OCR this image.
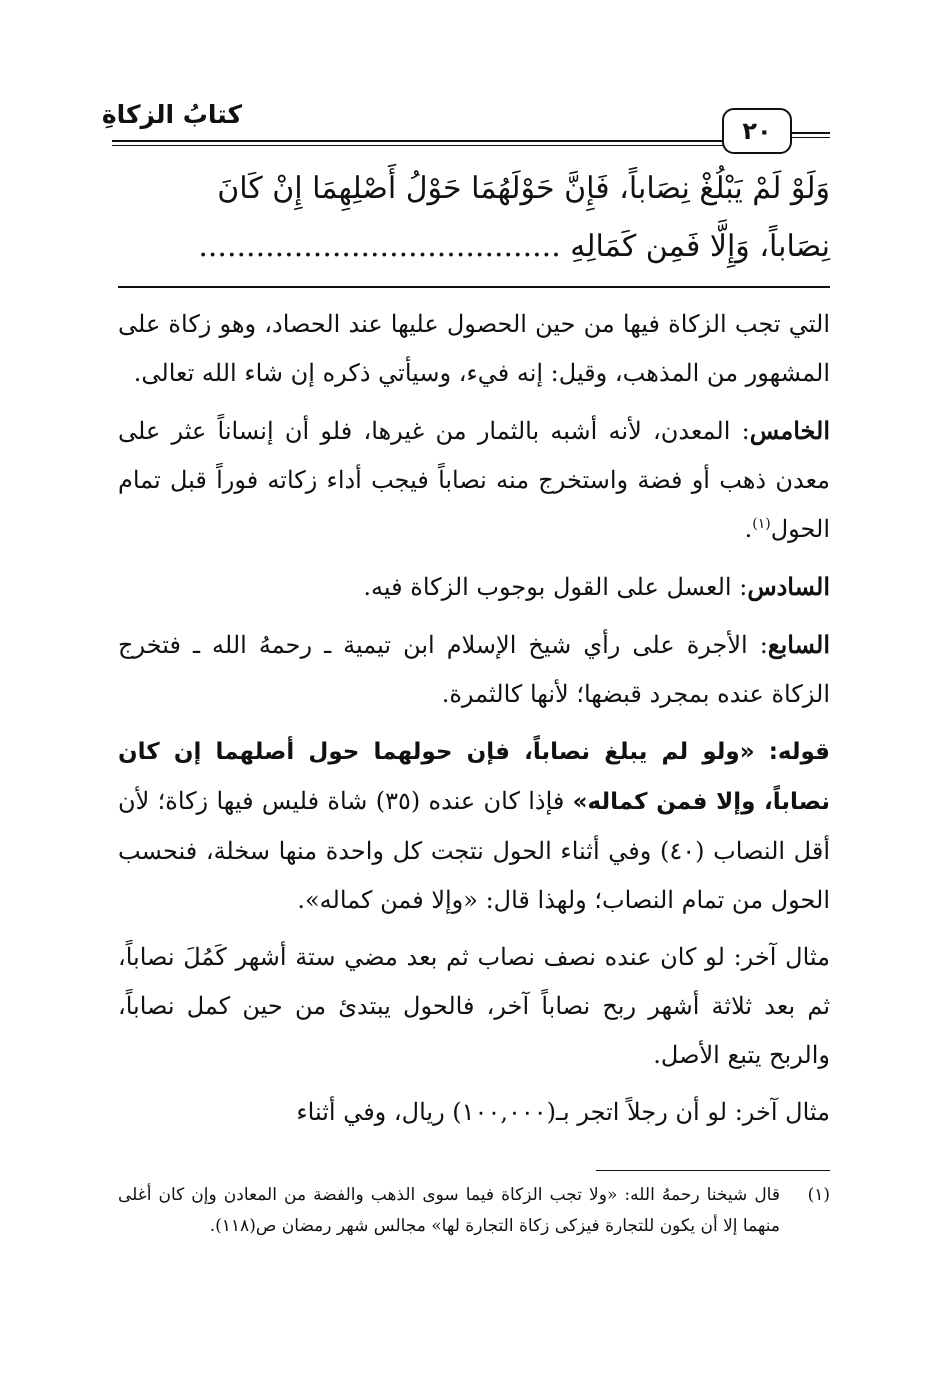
كتابُ الزكاةِ
٢٠

وَلَوْ لَمْ يَبْلُغْ نِصَاباً، فَإِنَّ حَوْلَهُمَا حَوْلُ أَصْلِهِمَا إِنْ كَانَ

نِصَاباً، وَإِلَّا فَمِن كَمَالِهِ ......................................

التي تجب الزكاة فيها من حين الحصول عليها عند الحصاد، وهو زكاة على المشهور من المذهب، وقيل: إنه فيء، وسيأتي ذكره إن شاء الله تعالى.

الخامس: المعدن، لأنه أشبه بالثمار من غيرها، فلو أن إنساناً عثر على معدن ذهب أو فضة واستخرج منه نصاباً فيجب أداء زكاته فوراً قبل تمام الحول$^{(١)}$.

السادس: العسل على القول بوجوب الزكاة فيه.

السابع: الأجرة على رأي شيخ الإسلام ابن تيمية ـ رحمهُ الله ـ فتخرج الزكاة عنده بمجرد قبضها؛ لأنها كالثمرة.

قوله: «ولو لم يبلغ نصاباً، فإن حولهما حول أصلهما إن كان نصاباً، وإلا فمن كماله» فإذا كان عنده (٣٥) شاة فليس فيها زكاة؛ لأن أقل النصاب (٤٠) وفي أثناء الحول نتجت كل واحدة منها سخلة، فنحسب الحول من تمام النصاب؛ ولهذا قال: «وإلا فمن كماله».

مثال آخر: لو كان عنده نصف نصاب ثم بعد مضي ستة أشهر كَمُلَ نصاباً، ثم بعد ثلاثة أشهر ربح نصاباً آخر، فالحول يبتدئ من حين كمل نصاباً، والربح يتبع الأصل.

مثال آخر: لو أن رجلاً اتجر بـ(١٠٠,٠٠٠) ريال، وفي أثناء

(١)
قال شيخنا رحمهُ الله: «ولا تجب الزكاة فيما سوى الذهب والفضة من المعادن وإن كان أغلى منهما إلا أن يكون للتجارة فيزكى زكاة التجارة لها» مجالس شهر رمضان ص(١١٨).
